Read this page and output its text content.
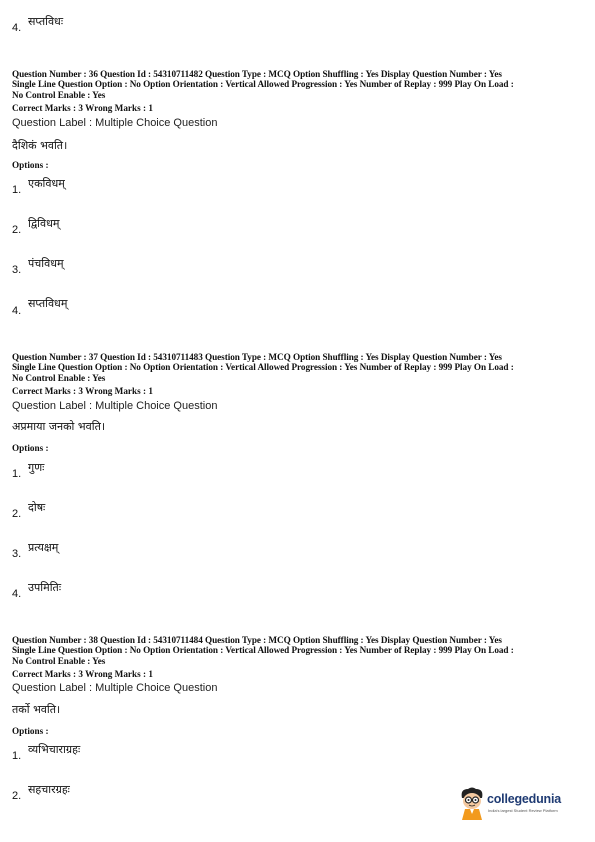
4. सप्तविधः
Question Number : 36 Question Id : 54310711482 Question Type : MCQ Option Shuffling : Yes Display Question Number : Yes
Single Line Question Option : No Option Orientation : Vertical Allowed Progression : Yes Number of Replay : 999 Play On Load :
No Control Enable : Yes
Correct Marks : 3 Wrong Marks : 1
Question Label : Multiple Choice Question
दैशिकं भवति।
Options :
1. एकविधम्
2. द्विविधम्
3. पंचविधम्
4.
सप्तविधम्
Question Number : 37 Question Id : 54310711483 Question Type : MCQ Option Shuffling : Yes Display Question Number : Yes
Single Line Question Option : No Option Orientation : Vertical Allowed Progression : Yes Number of Replay : 999 Play On Load :
No Control Enable : Yes
Correct Marks : 3 Wrong Marks : 1
Question Label : Multiple Choice Question
अप्रमाया जनको भवति।
Options :
1. गुणः
2. दोषः
3. प्रत्यक्षम्
4. उपमितिः
Question Number : 38 Question Id : 54310711484 Question Type : MCQ Option Shuffling : Yes Display Question Number : Yes
Single Line Question Option : No Option Orientation : Vertical Allowed Progression : Yes Number of Replay : 999 Play On Load :
No Control Enable : Yes
Correct Marks : 3 Wrong Marks : 1
Question Label : Multiple Choice Question
तर्को भवति।
Options :
1. व्यभिचाराग्रहः
2. सहचारग्रहः
collegedunia
India's largest Student Review Platform
